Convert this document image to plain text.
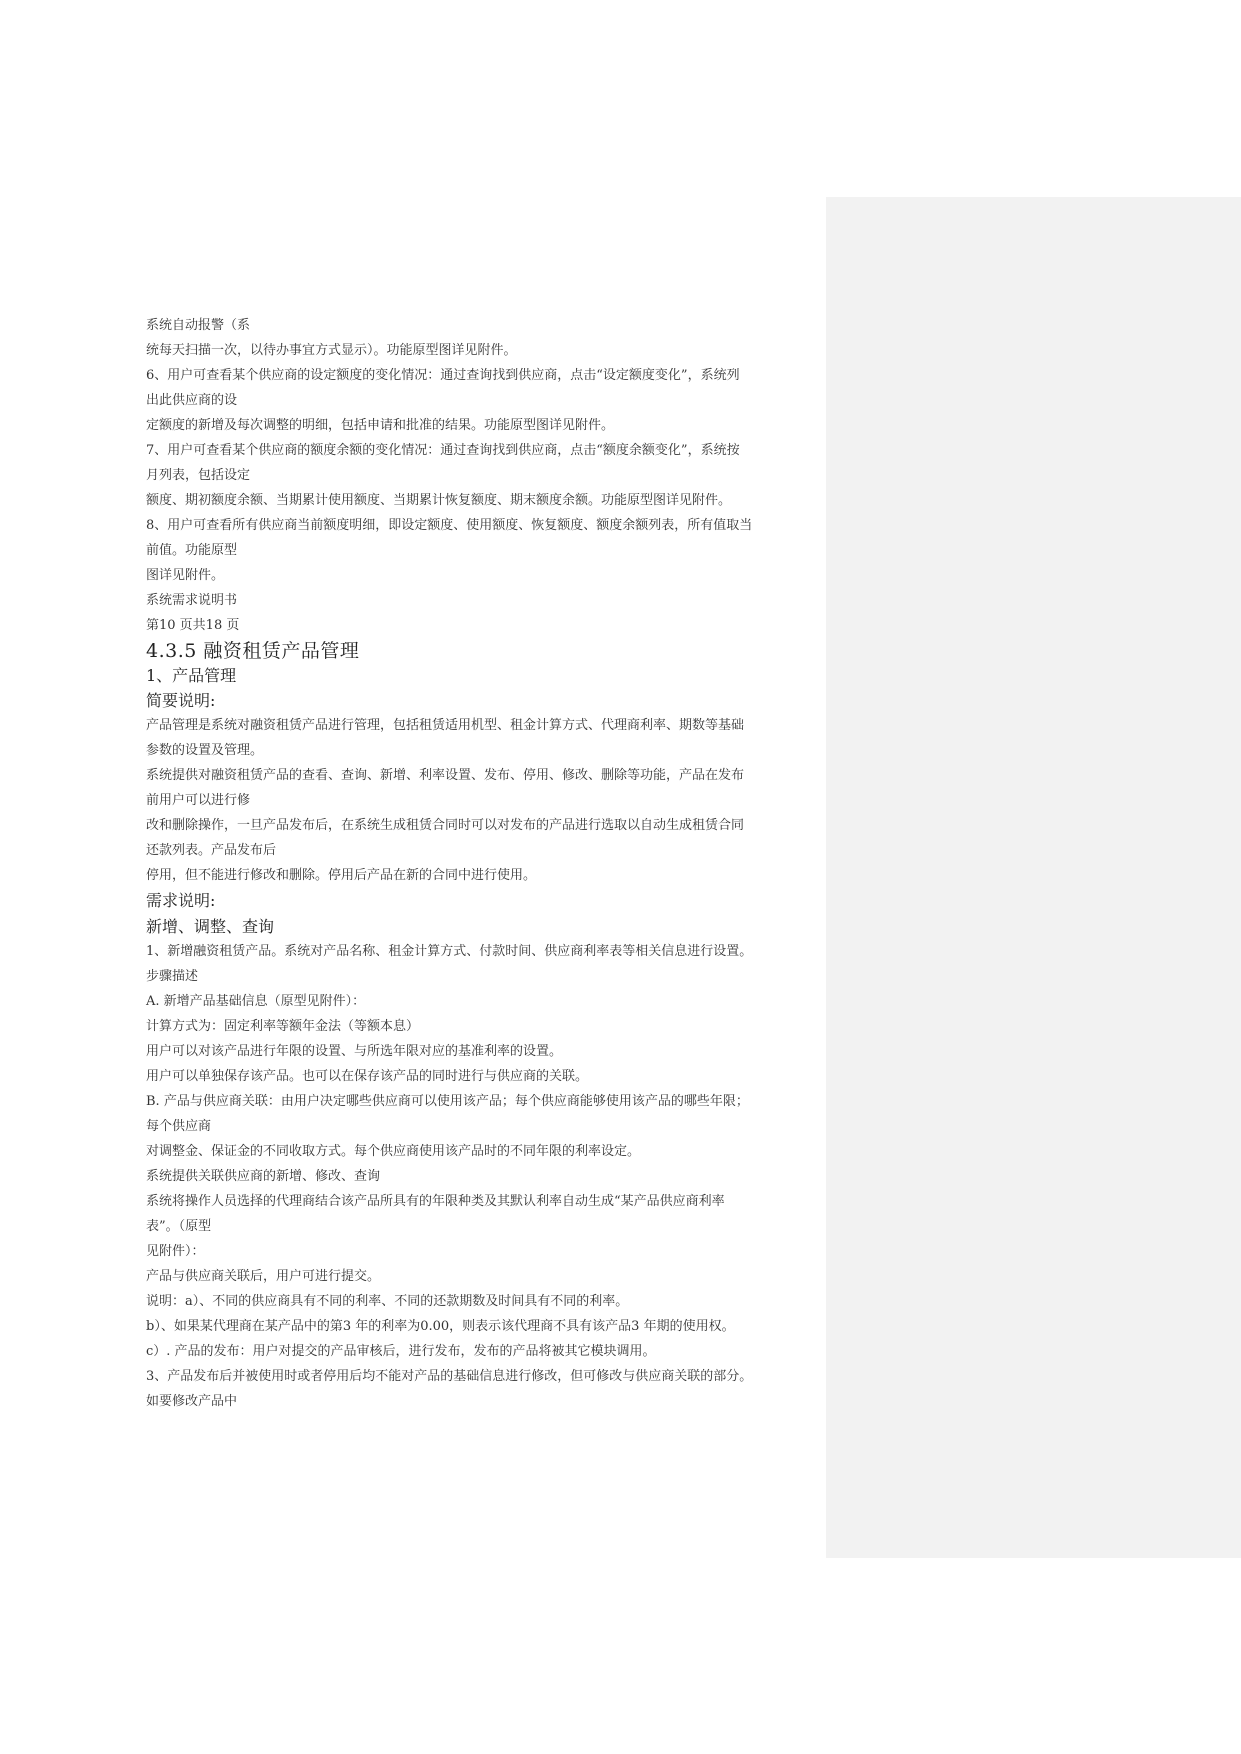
系统自动报警（系
统每天扫描一次，以待办事宜方式显示）。功能原型图详见附件。
6、用户可查看某个供应商的设定额度的变化情况：通过查询找到供应商，点击“设定额度变化”，系统列
出此供应商的设
定额度的新增及每次调整的明细，包括申请和批准的结果。功能原型图详见附件。
7、用户可查看某个供应商的额度余额的变化情况：通过查询找到供应商，点击“额度余额变化”，系统按
月列表，包括设定
额度、期初额度余额、当期累计使用额度、当期累计恢复额度、期末额度余额。功能原型图详见附件。
8、用户可查看所有供应商当前额度明细，即设定额度、使用额度、恢复额度、额度余额列表，所有值取当
前值。功能原型
图详见附件。
系统需求说明书
第10 页共18 页
4.3.5 融资租赁产品管理
1、产品管理
简要说明:
产品管理是系统对融资租赁产品进行管理，包括租赁适用机型、租金计算方式、代理商利率、期数等基础
参数的设置及管理。
系统提供对融资租赁产品的查看、查询、新增、利率设置、发布、停用、修改、删除等功能，产品在发布
前用户可以进行修
改和删除操作，一旦产品发布后，在系统生成租赁合同时可以对发布的产品进行选取以自动生成租赁合同
还款列表。产品发布后
停用，但不能进行修改和删除。停用后产品在新的合同中进行使用。
需求说明:
新增、调整、查询
1、新增融资租赁产品。系统对产品名称、租金计算方式、付款时间、供应商利率表等相关信息进行设置。
步骤描述
A. 新增产品基础信息（原型见附件）：
计算方式为：固定利率等额年金法（等额本息）
用户可以对该产品进行年限的设置、与所选年限对应的基准利率的设置。
用户可以单独保存该产品。也可以在保存该产品的同时进行与供应商的关联。
B. 产品与供应商关联：由用户决定哪些供应商可以使用该产品；每个供应商能够使用该产品的哪些年限；
每个供应商
对调整金、保证金的不同收取方式。每个供应商使用该产品时的不同年限的利率设定。
系统提供关联供应商的新增、修改、查询
系统将操作人员选择的代理商结合该产品所具有的年限种类及其默认利率自动生成“某产品供应商利率
表”。（原型
见附件）：
产品与供应商关联后，用户可进行提交。
说明：a）、不同的供应商具有不同的利率、不同的还款期数及时间具有不同的利率。
b）、如果某代理商在某产品中的第3 年的利率为0.00，则表示该代理商不具有该产品3 年期的使用权。
c）. 产品的发布：用户对提交的产品审核后，进行发布，发布的产品将被其它模块调用。
3、产品发布后并被使用时或者停用后均不能对产品的基础信息进行修改，但可修改与供应商关联的部分。
如要修改产品中
